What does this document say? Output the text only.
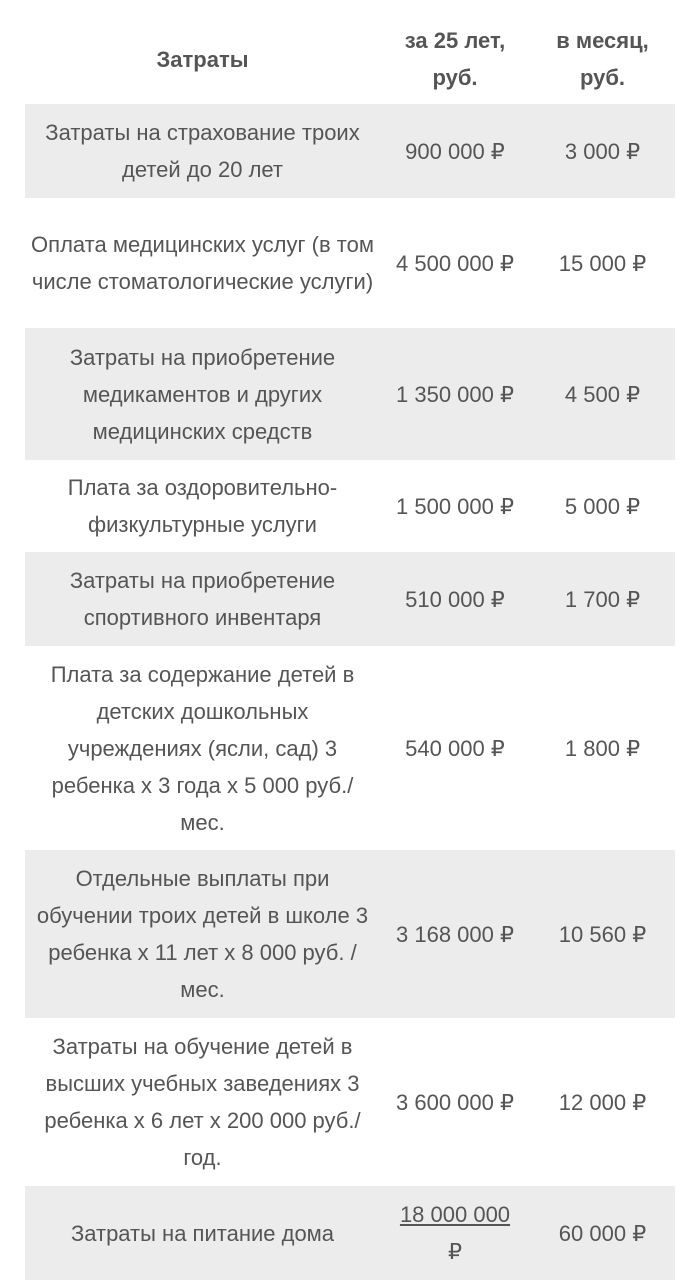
Затраты	за 25 лет, руб.	в месяц, руб.
Затраты на страхование троих детей до 20 лет	900 000 ₽	3 000 ₽
Оплата медицинских услуг (в том числе стоматологические услуги)	4 500 000 ₽	15 000 ₽
Затраты на приобретение медикаментов и других медицинских средств	1 350 000 ₽	4 500 ₽
Плата за оздоровительно-физкультурные услуги	1 500 000 ₽	5 000 ₽
Затраты на приобретение спортивного инвентаря	510 000 ₽	1 700 ₽
Плата за содержание детей в детских дошкольных учреждениях (ясли, сад) 3 ребенка х 3 года х 5 000 руб./мес.	540 000 ₽	1 800 ₽
Отдельные выплаты при обучении троих детей в школе 3 ребенка х 11 лет х 8 000 руб. /мес.	3 168 000 ₽	10 560 ₽
Затраты на обучение детей в высших учебных заведениях 3 ребенка х 6 лет х 200 000 руб./год.	3 600 000 ₽	12 000 ₽
Затраты на питание дома	18 000 000 ₽	60 000 ₽
